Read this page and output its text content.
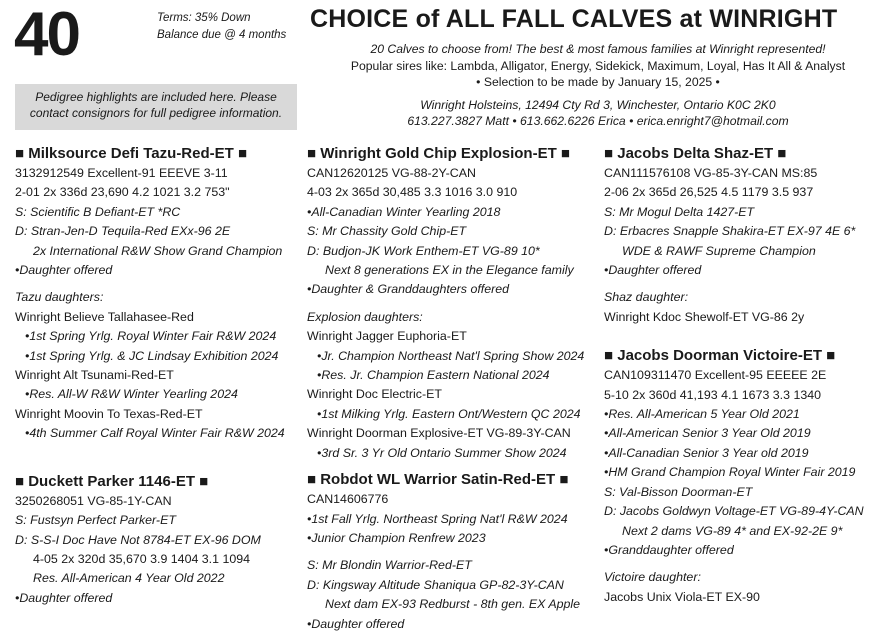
40	Terms: 35% Down
Balance due @ 4 months
CHOICE of ALL FALL CALVES at WINRIGHT
20 Calves to choose from! The best & most famous families at Winright represented!
Popular sires like: Lambda, Alligator, Energy, Sidekick, Maximum, Loyal, Has It All & Analyst
• Selection to be made by January 15, 2025 •
Winright Holsteins, 12494 Cty Rd 3, Winchester, Ontario K0C 2K0
613.227.3827 Matt • 613.662.6226 Erica • erica.enright7@hotmail.com
Pedigree highlights are included here. Please
contact consignors for full pedigree information.
■ Milksource Defi Tazu-Red-ET ■
3132912549 Excellent-91 EEEVE 3-11
2-01 2x 336d 23,690 4.2 1021 3.2 753"
S: Scientific B Defiant-ET *RC
D: Stran-Jen-D Tequila-Red EXx-96 2E
2x International R&W Show Grand Champion
•Daughter offered
Tazu daughters:
Winright Believe Tallahasee-Red
•1st Spring Yrlg. Royal Winter Fair R&W 2024
•1st Spring Yrlg. & JC Lindsay Exhibition 2024
Winright Alt Tsunami-Red-ET
•Res. All-W R&W Winter Yearling 2024
Winright Moovin To Texas-Red-ET
•4th Summer Calf Royal Winter Fair R&W 2024
■ Duckett Parker 1146-ET ■
3250268051 VG-85-1Y-CAN
S: Fustsyn Perfect Parker-ET
D: S-S-I Doc Have Not 8784-ET EX-96 DOM
4-05 2x 320d 35,670 3.9 1404 3.1 1094
Res. All-American 4 Year Old 2022
•Daughter offered
■ Winright Gold Chip Explosion-ET ■
CAN12620125 VG-88-2Y-CAN
4-03 2x 365d 30,485 3.3 1016 3.0 910
•All-Canadian Winter Yearling 2018
S: Mr Chassity Gold Chip-ET
D: Budjon-JK Work Enthem-ET VG-89 10*
Next 8 generations EX in the Elegance family
•Daughter & Granddaughters offered
Explosion daughters:
Winright Jagger Euphoria-ET
•Jr. Champion Northeast Nat'l Spring Show 2024
•Res. Jr. Champion Eastern National 2024
Winright Doc Electric-ET
•1st Milking Yrlg. Eastern Ont/Western QC 2024
Winright Doorman Explosive-ET VG-89-3Y-CAN
•3rd Sr. 3 Yr Old Ontario Summer Show 2024
■ Robdot WL Warrior Satin-Red-ET ■
CAN14606776
•1st Fall Yrlg. Northeast Spring Nat'l R&W 2024
•Junior Champion Renfrew 2023
S: Mr Blondin Warrior-Red-ET
D: Kingsway Altitude Shaniqua GP-82-3Y-CAN
Next dam EX-93 Redburst - 8th gen. EX Apple
•Daughter offered
■ Jacobs Delta Shaz-ET ■
CAN111576108 VG-85-3Y-CAN MS:85
2-06 2x 365d 26,525 4.5 1179 3.5 937
S: Mr Mogul Delta 1427-ET
D: Erbacres Snapple Shakira-ET EX-97 4E 6*
WDE & RAWF Supreme Champion
•Daughter offered
Shaz daughter:
Winright Kdoc Shewolf-ET VG-86 2y
■ Jacobs Doorman Victoire-ET ■
CAN109311470 Excellent-95 EEEEE 2E
5-10 2x 360d 41,193 4.1 1673 3.3 1340
•Res. All-American 5 Year Old 2021
•All-American Senior 3 Year Old 2019
•All-Canadian Senior 3 Year old 2019
•HM Grand Champion Royal Winter Fair 2019
S: Val-Bisson Doorman-ET
D: Jacobs Goldwyn Voltage-ET VG-89-4Y-CAN
Next 2 dams VG-89 4* and EX-92-2E 9*
•Granddaughter offered
Victoire daughter:
Jacobs Unix Viola-ET EX-90
